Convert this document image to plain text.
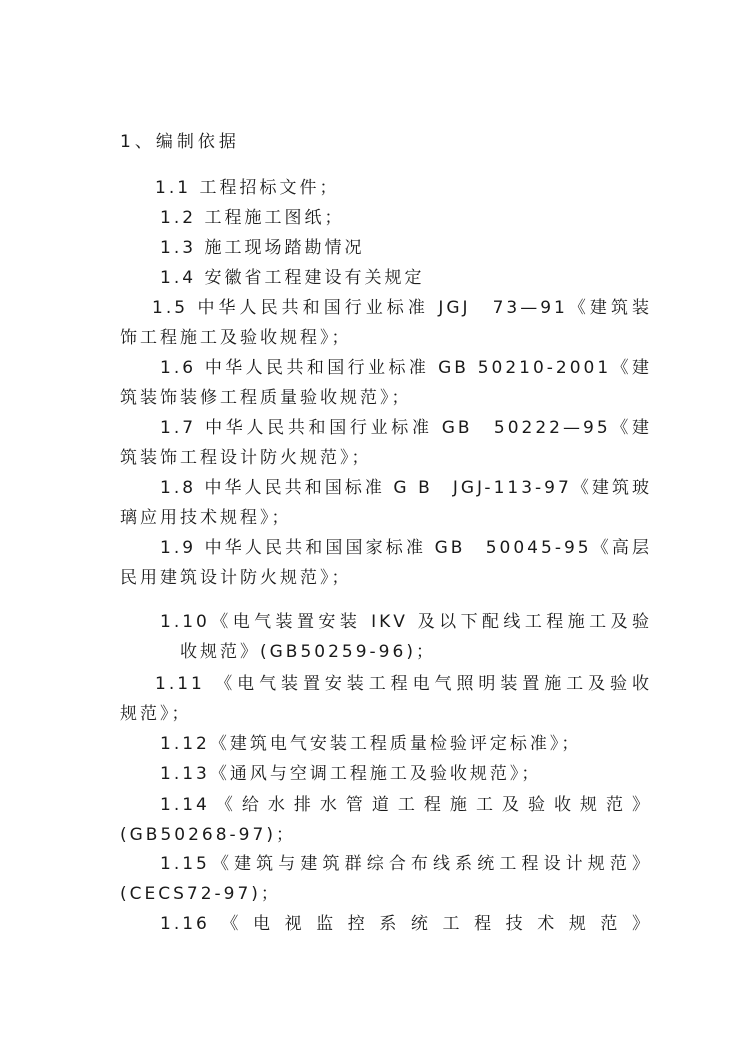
1、编制依据
1.1 工程招标文件；
1.2 工程施工图纸；
1.3 施工现场踏勘情况
1.4 安徽省工程建设有关规定
1.5 中华人民共和国行业标准 JGJ　73—91《建筑装
饰工程施工及验收规程》；
1.6 中华人民共和国行业标准 GB 50210-2001《建
筑装饰装修工程质量验收规范》；
1.7 中华人民共和国行业标准 GB　50222—95《建
筑装饰工程设计防火规范》；
1.8 中华人民共和国标准 G B　JGJ-113-97《建筑玻
璃应用技术规程》；
1.9 中华人民共和国国家标准 GB　50045-95《高层
民用建筑设计防火规范》；
1.10《电气装置安装 IKV 及以下配线工程施工及验
收规范》(GB50259-96)；
1.11 《电气装置安装工程电气照明装置施工及验收
规范》；
1.12《建筑电气安装工程质量检验评定标准》；
1.13《通风与空调工程施工及验收规范》；
1.14《给水排水管道工程施工及验收规范》
(GB50268-97)；
1.15《建筑与建筑群综合布线系统工程设计规范》
(CECS72-97)；
1.16《电视监控系统工程技术规范》
